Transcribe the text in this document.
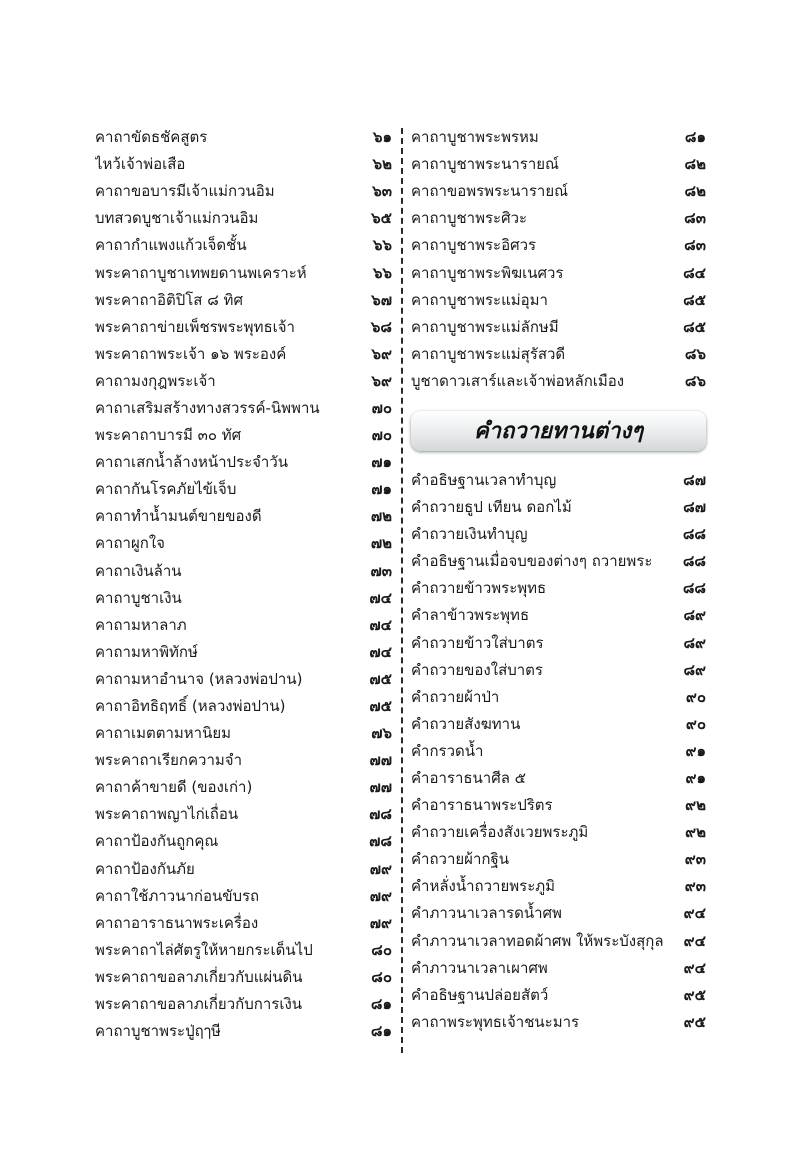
คาถาขัดธชัคสูตร	๖๑
ไหว้เจ้าพ่อเสือ	๖๒
คาถาขอบารมีเจ้าแม่กวนอิม	๖๓
บทสวดบูชาเจ้าแม่กวนอิม	๖๕
คาถากำแพงแก้วเจ็ดชั้น	๖๖
พระคาถาบูชาเทพยดานพเคราะห์	๖๖
พระคาถาอิติปิโส ๘ ทิศ	๖๗
พระคาถาข่ายเพ็ชรพระพุทธเจ้า	๖๘
พระคาถาพระเจ้า ๑๖ พระองค์	๖๙
คาถามงกุฎพระเจ้า	๖๙
คาถาเสริมสร้างทางสวรรค์-นิพพาน	๗๐
พระคาถาบารมี ๓๐ ทัศ	๗๐
คาถาเสกน้ำล้างหน้าประจำวัน	๗๑
คาถากันโรคภัยไข้เจ็บ	๗๑
คาถาทำน้ำมนต์ขายของดี	๗๒
คาถาผูกใจ	๗๒
คาถาเงินล้าน	๗๓
คาถาบูชาเงิน	๗๔
คาถามหาลาภ	๗๔
คาถามหาพิทักษ์	๗๔
คาถามหาอำนาจ (หลวงพ่อปาน)	๗๕
คาถาอิทธิฤทธิ์ (หลวงพ่อปาน)	๗๕
คาถาเมตตามหานิยม	๗๖
พระคาถาเรียกความจำ	๗๗
คาถาค้าขายดี (ของเก่า)	๗๗
พระคาถาพญาไก่เถื่อน	๗๘
คาถาป้องกันถูกคุณ	๗๘
คาถาป้องกันภัย	๗๙
คาถาใช้ภาวนาก่อนขับรถ	๗๙
คาถาอาราธนาพระเครื่อง	๗๙
พระคาถาไล่ศัตรูให้หายกระเด็นไป	๘๐
พระคาถาขอลาภเกี่ยวกับแผ่นดิน	๘๐
พระคาถาขอลาภเกี่ยวกับการเงิน	๘๑
คาถาบูชาพระปู่ฤๅษี	๘๑
คาถาบูชาพระพรหม	๘๑
คาถาบูชาพระนารายณ์	๘๒
คาถาขอพรพระนารายณ์	๘๒
คาถาบูชาพระศิวะ	๘๓
คาถาบูชาพระอิศวร	๘๓
คาถาบูชาพระพิฆเนศวร	๘๔
คาถาบูชาพระแม่อุมา	๘๕
คาถาบูชาพระแม่ลักษมี	๘๕
คาถาบูชาพระแม่สุรัสวดี	๘๖
บูชาดาวเสาร์และเจ้าพ่อหลักเมือง	๘๖
คำถวายทานต่างๆ
คำอธิษฐานเวลาทำบุญ	๘๗
คำถวายธูป เทียน ดอกไม้	๘๗
คำถวายเงินทำบุญ	๘๘
คำอธิษฐานเมื่อจบของต่างๆ ถวายพระ	๘๘
คำถวายข้าวพระพุทธ	๘๘
คำลาข้าวพระพุทธ	๘๙
คำถวายข้าวใส่บาตร	๘๙
คำถวายของใส่บาตร	๘๙
คำถวายผ้าป่า	๙๐
คำถวายสังฆทาน	๙๐
คำกรวดน้ำ	๙๑
คำอาราธนาศีล ๕	๙๑
คำอาราธนาพระปริตร	๙๒
คำถวายเครื่องสังเวยพระภูมิ	๙๒
คำถวายผ้ากฐิน	๙๓
คำหลั่งน้ำถวายพระภูมิ	๙๓
คำภาวนาเวลารดน้ำศพ	๙๔
คำภาวนาเวลาทอดผ้าศพ ให้พระบังสุกุล	๙๔
คำภาวนาเวลาเผาศพ	๙๔
คำอธิษฐานปล่อยสัตว์	๙๕
คาถาพระพุทธเจ้าชนะมาร	๙๕
